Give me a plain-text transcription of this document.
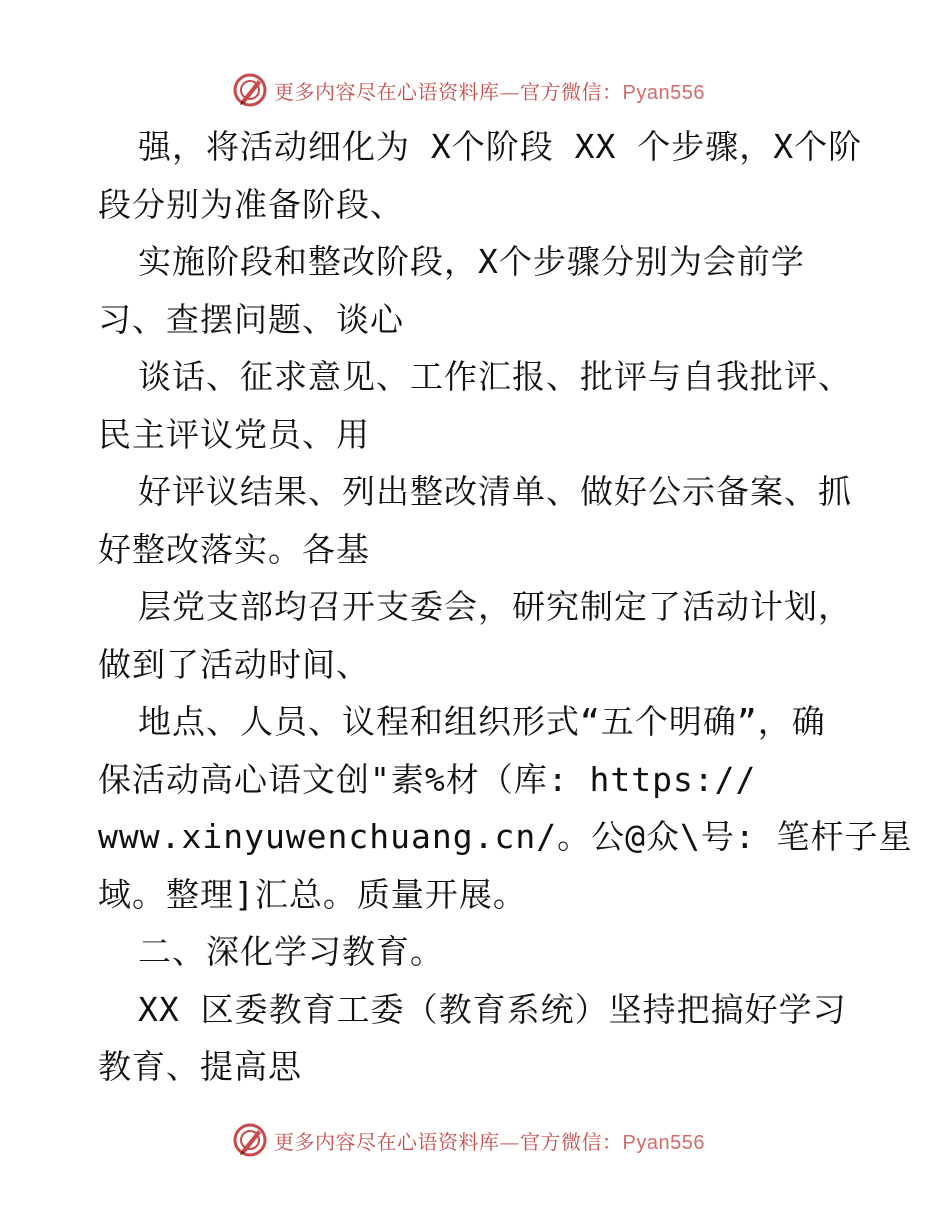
更多内容尽在心语资料库—官方微信：Pyan556
强，将活动细化为 X个阶段 XX 个步骤，X个阶
段分别为准备阶段、
实施阶段和整改阶段，X个步骤分别为会前学
习、查摆问题、谈心
谈话、征求意见、工作汇报、批评与自我批评、
民主评议党员、用
好评议结果、列出整改清单、做好公示备案、抓
好整改落实。各基
层党支部均召开支委会，研究制定了活动计划，
做到了活动时间、
地点、人员、议程和组织形式“五个明确”，确
保活动高心语文创"素%材（库: https://
www.xinyuwenchuang.cn/。公@众\号: 笔杆子星
域。整理]汇总。质量开展。
二、深化学习教育。
XX 区委教育工委（教育系统）坚持把搞好学习
教育、提高思
更多内容尽在心语资料库—官方微信：Pyan556
